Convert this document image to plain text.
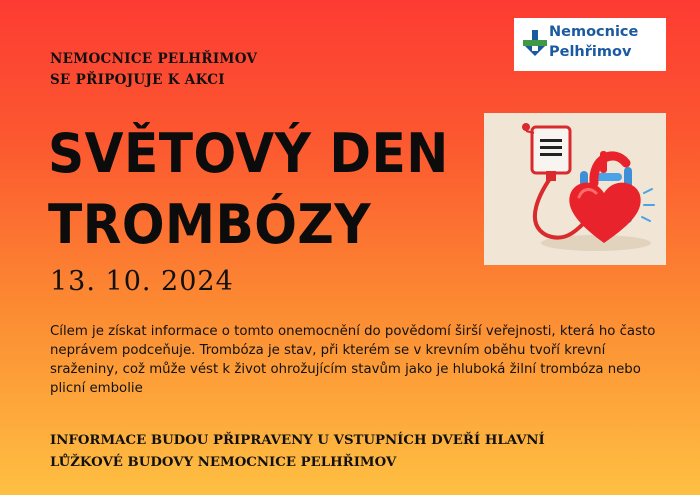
NEMOCNICE PELHŘIMOV
SE PŘIPOJUJE K AKCI
SVĚTOVÝ DEN
TROMBÓZY
13. 10. 2024
Cílem je získat informace o tomto onemocnění do povědomí širší veřejnosti, která ho často neprávem podceňuje. Trombóza je stav, při kterém se v krevním oběhu tvoří krevní sraženiny, což může vést k život ohrožujícím stavům jako je hluboká žilní trombóza nebo plicní embolie
INFORMACE BUDOU PŘIPRAVENY U VSTUPNÍCH DVEŘÍ HLAVNÍ
LŮŽKOVÉ BUDOVY NEMOCNICE PELHŘIMOV
Nemocnice
Pelhřimov
